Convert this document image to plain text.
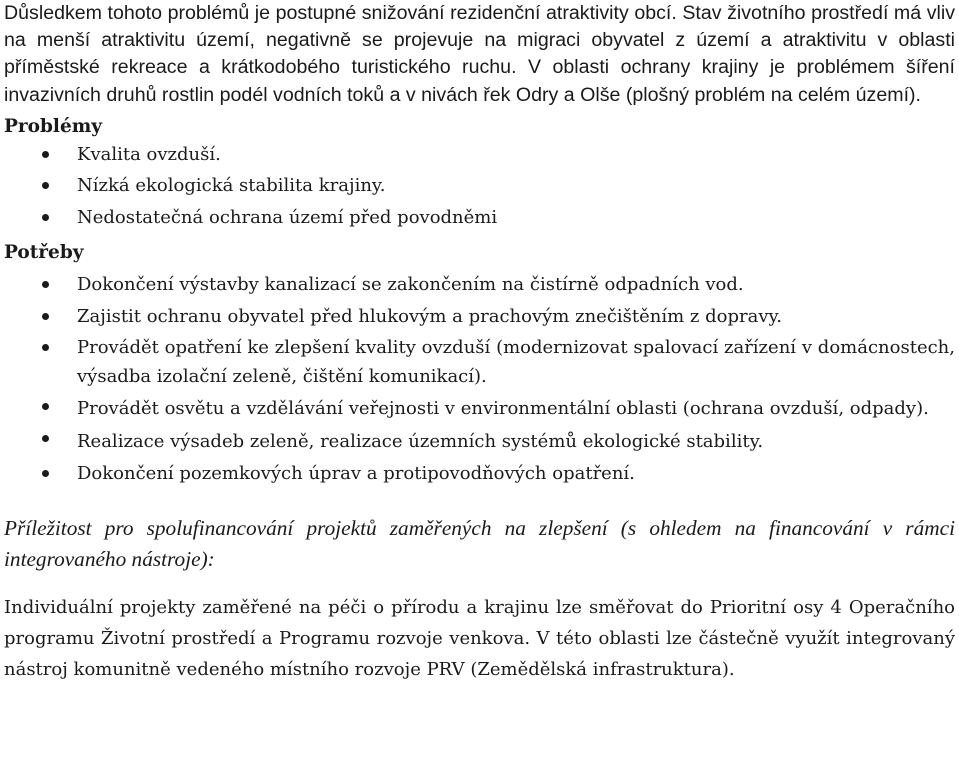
Důsledkem tohoto problémů je postupné snižování rezidenční atraktivity obcí. Stav životního prostředí má vliv na menší atraktivitu území, negativně se projevuje na migraci obyvatel z území a atraktivitu v oblasti příměstské rekreace a krátkodobého turistického ruchu. V oblasti ochrany krajiny je problémem šíření invazivních druhů rostlin podél vodních toků a v nivách řek Odry a Olše (plošný problém na celém území).

Problémy
Kvalita ovzduší.
Nízká ekologická stabilita krajiny.
Nedostatečná ochrana území před povodněmi
Potřeby
Dokončení výstavby kanalizací se zakončením na čistírně odpadních vod.
Zajistit ochranu obyvatel před hlukovým a prachovým znečištěním z dopravy.
Provádět opatření ke zlepšení kvality ovzduší (modernizovat spalovací zařízení v domácnostech, výsadba izolační zeleně, čištění komunikací).
Provádět osvětu a vzdělávání veřejnosti v environmentální oblasti (ochrana ovzduší, odpady).
Realizace výsadeb zeleně, realizace územních systémů ekologické stability.
Dokončení pozemkových úprav a protipovodňových opatření.

Příležitost pro spolufinancování projektů zaměřených na zlepšení (s ohledem na financování v rámci integrovaného nástroje):

Individuální projekty zaměřené na péči o přírodu a krajinu lze směřovat do Prioritní osy 4 Operačního programu Životní prostředí a Programu rozvoje venkova. V této oblasti lze částečně využít integrovaný nástroj komunitně vedeného místního rozvoje PRV (Zemědělská infrastruktura).
